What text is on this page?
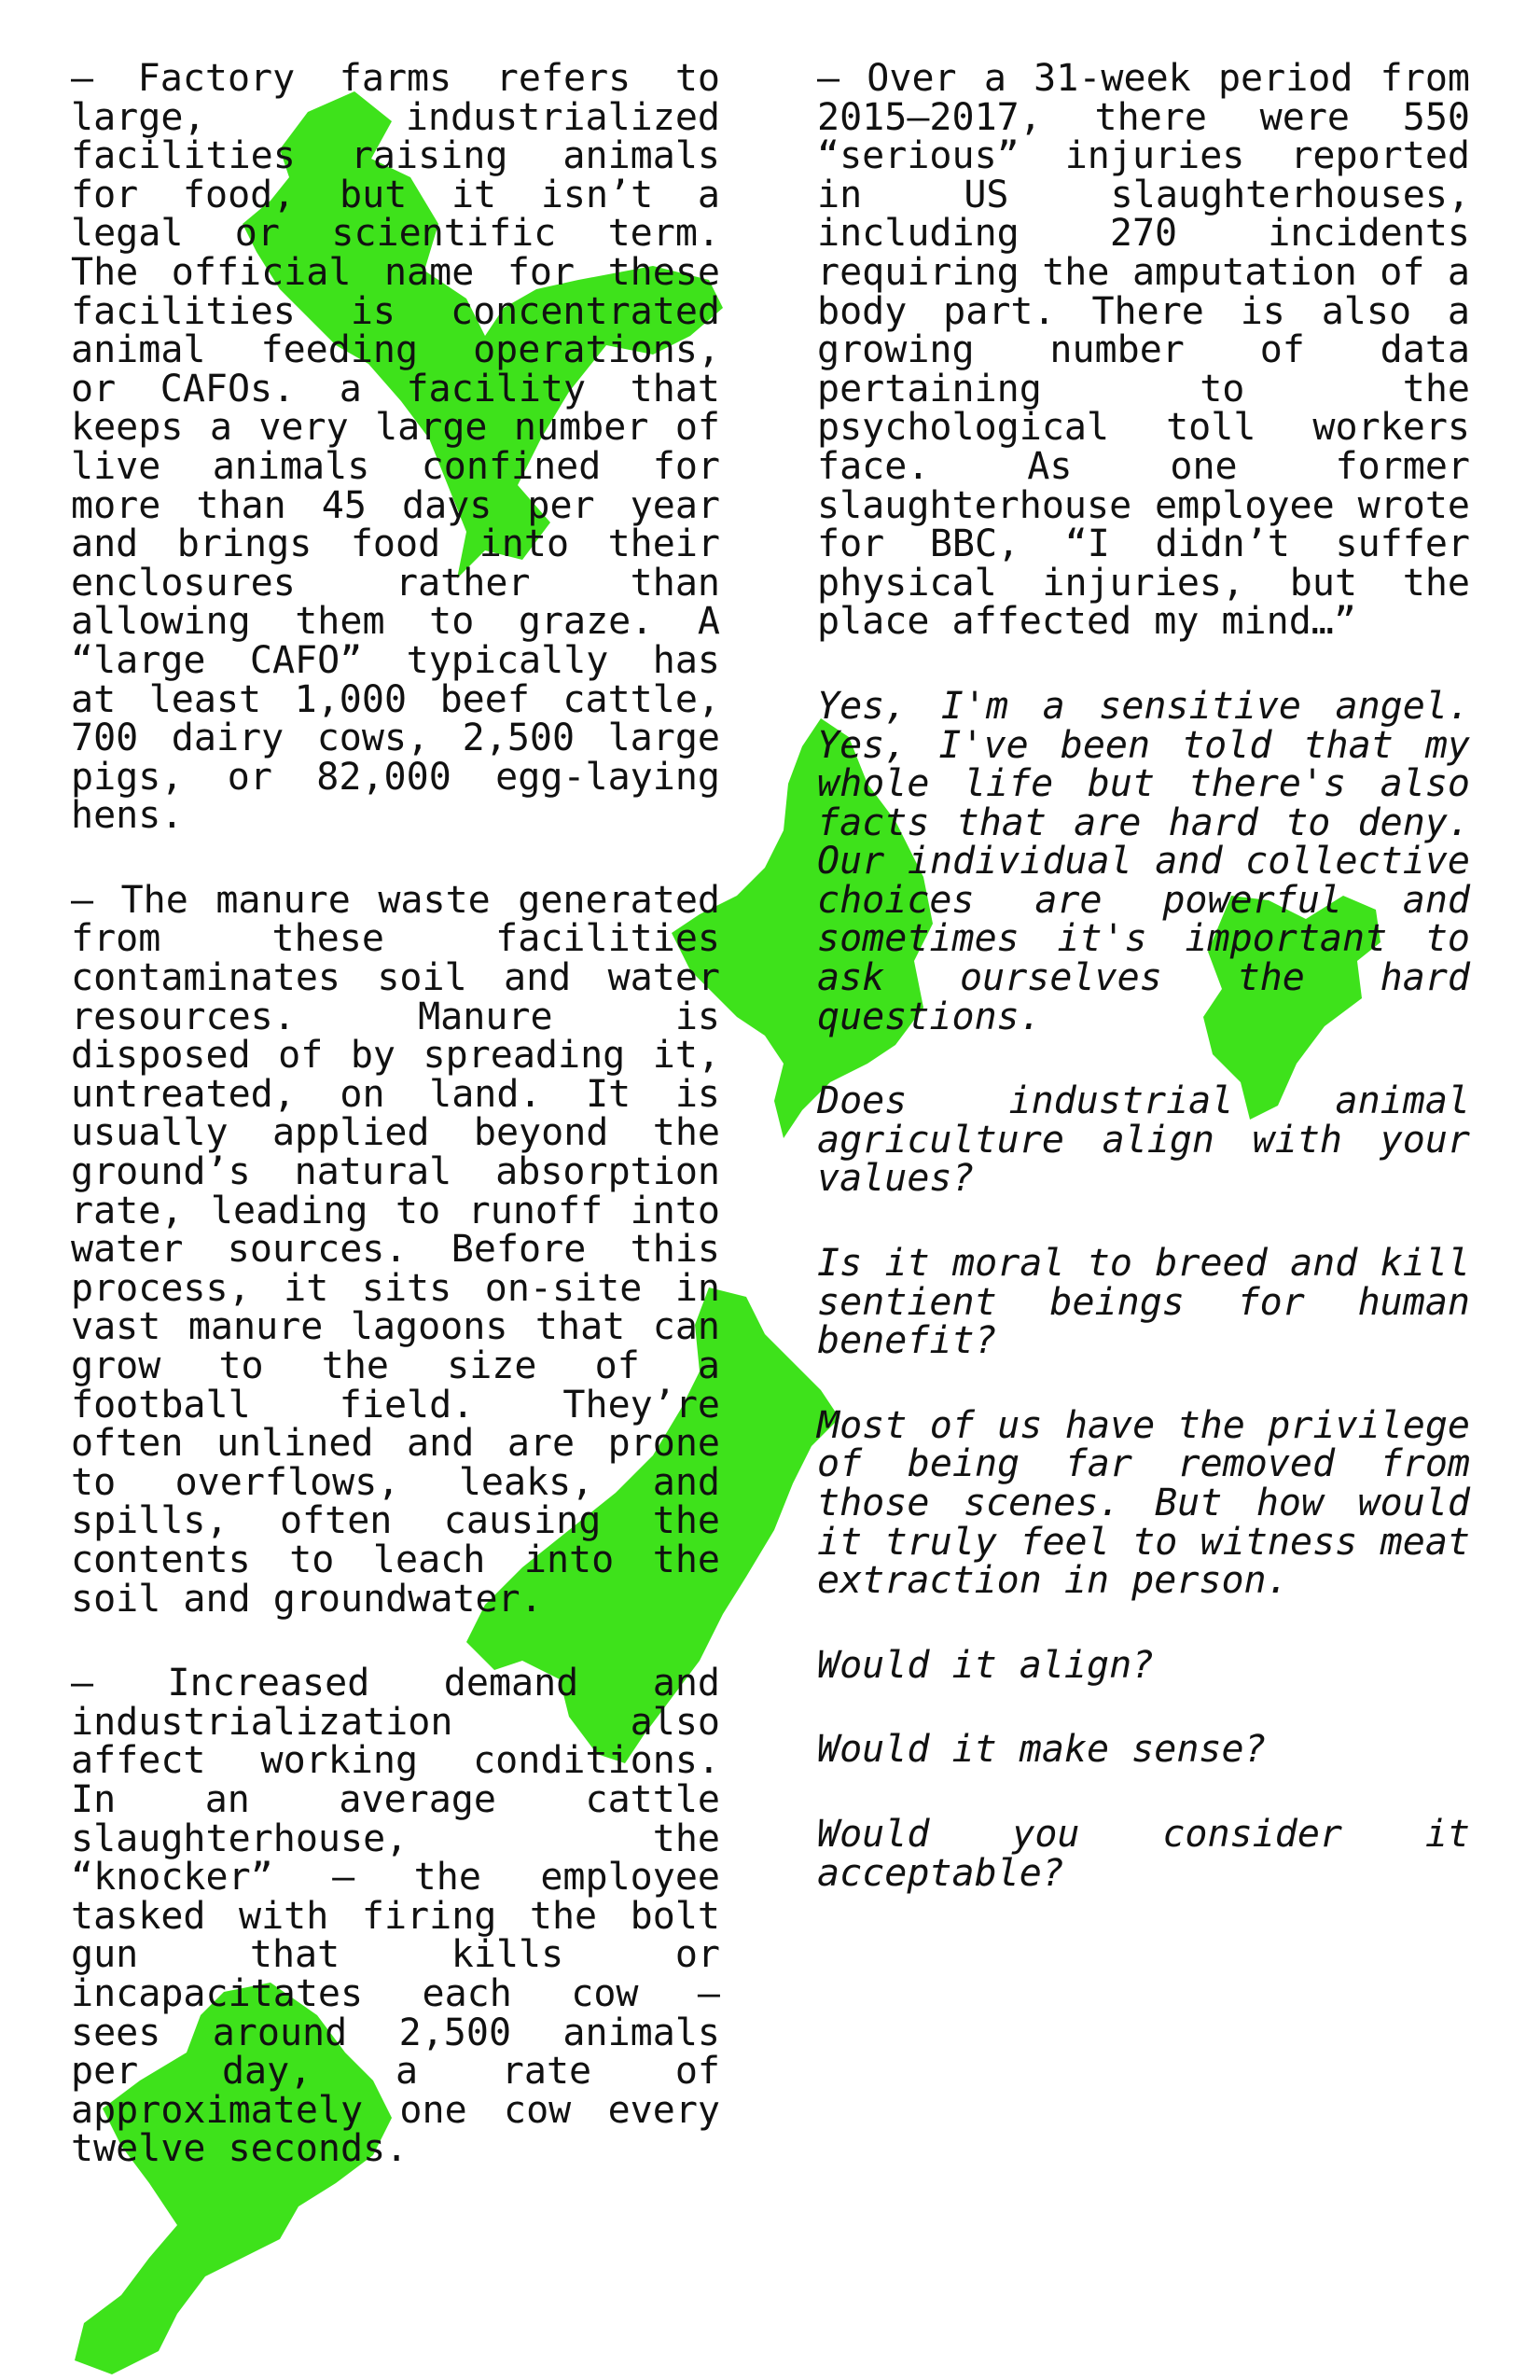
– Factory farms refers to large, industrialized facilities raising animals for food, but it isn’t a legal or scientific term. The official name for these facilities is concentrated animal feeding operations, or CAFOs. a facility that keeps a very large number of live animals confined for more than 45 days per year and brings food into their enclosures rather than allowing them to graze. A “large CAFO” typically has at least 1,000 beef cattle, 700 dairy cows, 2,500 large pigs, or 82,000 egg-laying hens.

– The manure waste generated from these facilities contaminates soil and water resources. Manure is disposed of by spreading it, untreated, on land. It is usually applied beyond the ground’s natural absorption rate, leading to runoff into water sources. Before this process, it sits on-site in vast manure lagoons that can grow to the size of a football field. They’re often unlined and are prone to overflows, leaks, and spills, often causing the contents to leach into the soil and groundwater.

– Increased demand and industrialization also affect working conditions. In an average cattle slaughterhouse, the “knocker” – the employee tasked with firing the bolt gun that kills or incapacitates each cow – sees around 2,500 animals per day, a rate of approximately one cow every twelve seconds.

– Over a 31-week period from 2015–2017, there were 550 “serious” injuries reported in US slaughterhouses, including 270 incidents requiring the amputation of a body part. There is also a growing number of data pertaining to the psychological toll workers face. As one former slaughterhouse employee wrote for BBC, “I didn’t suffer physical injuries, but the place affected my mind…”

Yes, I'm a sensitive angel. Yes, I've been told that my whole life but there's also facts that are hard to deny. Our individual and collective choices are powerful and sometimes it's important to ask ourselves the hard questions.

Does industrial animal agriculture align with your values?

Is it moral to breed and kill sentient beings for human benefit?

Most of us have the privilege of being far removed from those scenes. But how would it truly feel to witness meat extraction in person.

Would it align?

Would it make sense?

Would you consider it acceptable?
